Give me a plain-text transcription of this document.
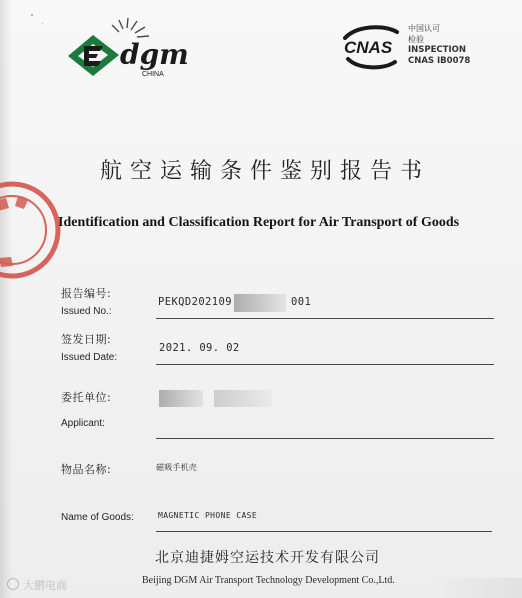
dgm
CHINA
CNAS
中国认可
检验
INSPECTION
CNAS IB0078
航空运输条件鉴别报告书
Identification and Classification Report for Air Transport of Goods
报告编号:
Issued No.:
PEKQD202109	001
签发日期:
Issued Date:
2021. 09. 02
委托单位:
Applicant:
物品名称:	磁吸手机壳
Name of Goods:	MAGNETIC PHONE CASE
北京迪捷姆空运技术开发有限公司
Beijing DGM Air Transport Technology Development Co.,Ltd.
大鹏电商
